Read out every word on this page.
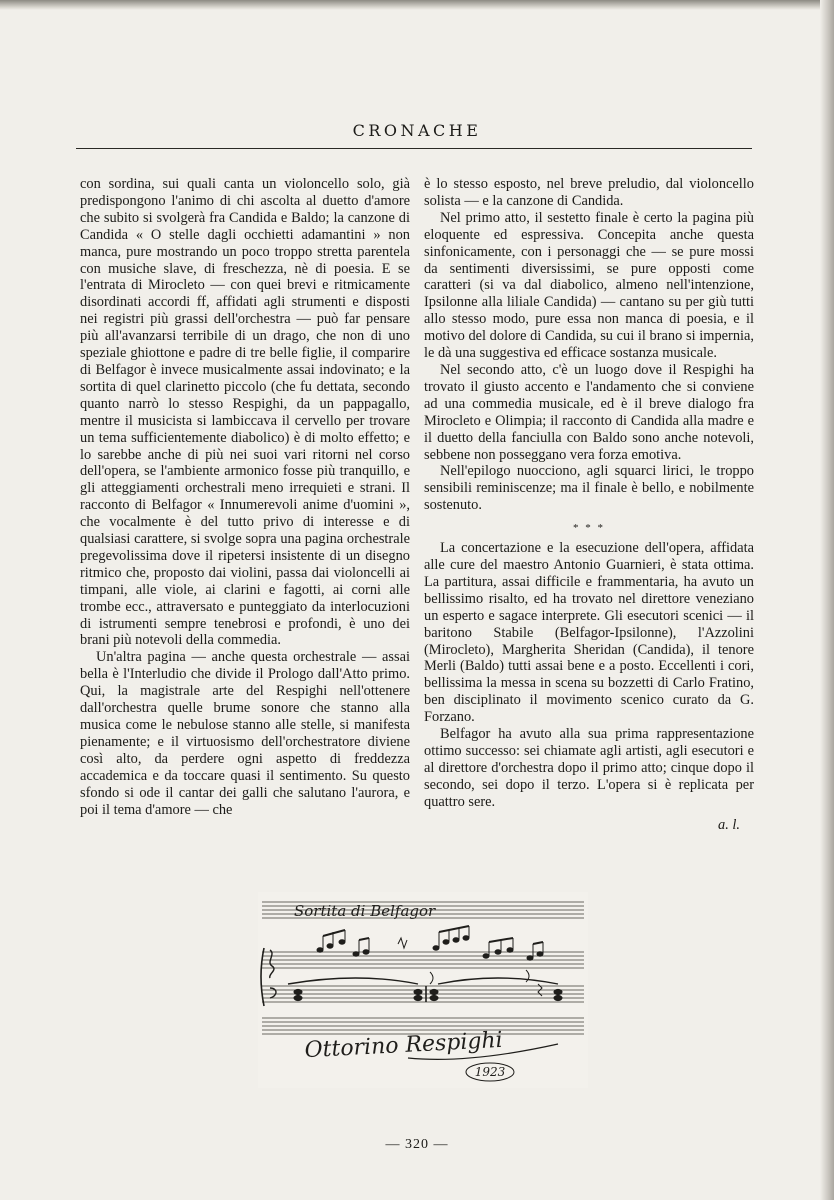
CRONACHE

con sordina, sui quali canta un violoncello solo, già predispongono l'animo di chi ascolta al duetto d'amore che subito si svolgerà fra Candida e Baldo; la canzone di Candida « O stelle dagli occhietti adamantini » non manca, pure mostrando un poco troppo stretta parentela con musiche slave, di freschezza, nè di poesia. E se l'entrata di Mirocleto — con quei brevi e ritmicamente disordinati accordi ff, affidati agli strumenti e disposti nei registri più grassi dell'orchestra — può far pensare più all'avanzarsi terribile di un drago, che non di uno speziale ghiottone e padre di tre belle figlie, il comparire di Belfagor è invece musicalmente assai indovinato; e la sortita di quel clarinetto piccolo (che fu dettata, secondo quanto narrò lo stesso Respighi, da un pappagallo, mentre il musicista si lambiccava il cervello per trovare un tema sufficientemente diabolico) è di molto effetto; e lo sarebbe anche di più nei suoi vari ritorni nel corso dell'opera, se l'ambiente armonico fosse più tranquillo, e gli atteggiamenti orchestrali meno irrequieti e strani. Il racconto di Belfagor « Innumerevoli anime d'uomini », che vocalmente è del tutto privo di interesse e di qualsiasi carattere, si svolge sopra una pagina orchestrale pregevolissima dove il ripetersi insistente di un disegno ritmico che, proposto dai violini, passa dai violoncelli ai timpani, alle viole, ai clarini e fagotti, ai corni alle trombe ecc., attraversato e punteggiato da interlocuzioni di istrumenti sempre tenebrosi e profondi, è uno dei brani più notevoli della commedia.

Un'altra pagina — anche questa orchestrale — assai bella è l'Interludio che divide il Prologo dall'Atto primo. Qui, la magistrale arte del Respighi nell'ottenere dall'orchestra quelle brume sonore che stanno alla musica come le nebulose stanno alle stelle, si manifesta pienamente; e il virtuosismo dell'orchestratore diviene così alto, da perdere ogni aspetto di freddezza accademica e da toccare quasi il sentimento. Su questo sfondo si ode il cantar dei galli che salutano l'aurora, e poi il tema d'amore — che

è lo stesso esposto, nel breve preludio, dal violoncello solista — e la canzone di Candida.

Nel primo atto, il sestetto finale è certo la pagina più eloquente ed espressiva. Concepita anche questa sinfonicamente, con i personaggi che — se pure mossi da sentimenti diversissimi, se pure opposti come caratteri (si va dal diabolico, almeno nell'intenzione, Ipsilonne alla liliale Candida) — cantano su per giù tutti allo stesso modo, pure essa non manca di poesia, e il motivo del dolore di Candida, su cui il brano si impernia, le dà una suggestiva ed efficace sostanza musicale.

Nel secondo atto, c'è un luogo dove il Respighi ha trovato il giusto accento e l'andamento che si conviene ad una commedia musicale, ed è il breve dialogo fra Mirocleto e Olimpia; il racconto di Candida alla madre e il duetto della fanciulla con Baldo sono anche notevoli, sebbene non posseggano vera forza emotiva.

Nell'epilogo nuocciono, agli squarci lirici, le troppo sensibili reminiscenze; ma il finale è bello, e nobilmente sostenuto.

* * *

La concertazione e la esecuzione dell'opera, affidata alle cure del maestro Antonio Guarnieri, è stata ottima. La partitura, assai difficile e frammentaria, ha avuto un bellissimo risalto, ed ha trovato nel direttore veneziano un esperto e sagace interprete. Gli esecutori scenici — il baritono Stabile (Belfagor-Ipsilonne), l'Azzolini (Mirocleto), Margherita Sheridan (Candida), il tenore Merli (Baldo) tutti assai bene e a posto. Eccellenti i cori, bellissima la messa in scena su bozzetti di Carlo Fratino, ben disciplinato il movimento scenico curato da G. Forzano.

Belfagor ha avuto alla sua prima rappresentazione ottimo successo: sei chiamate agli artisti, agli esecutori e al direttore d'orchestra dopo il primo atto; cinque dopo il secondo, sei dopo il terzo. L'opera si è replicata per quattro sere.

a. l.
Sortita di Belfagor
Ottorino Respighi
1923
— 320 —
